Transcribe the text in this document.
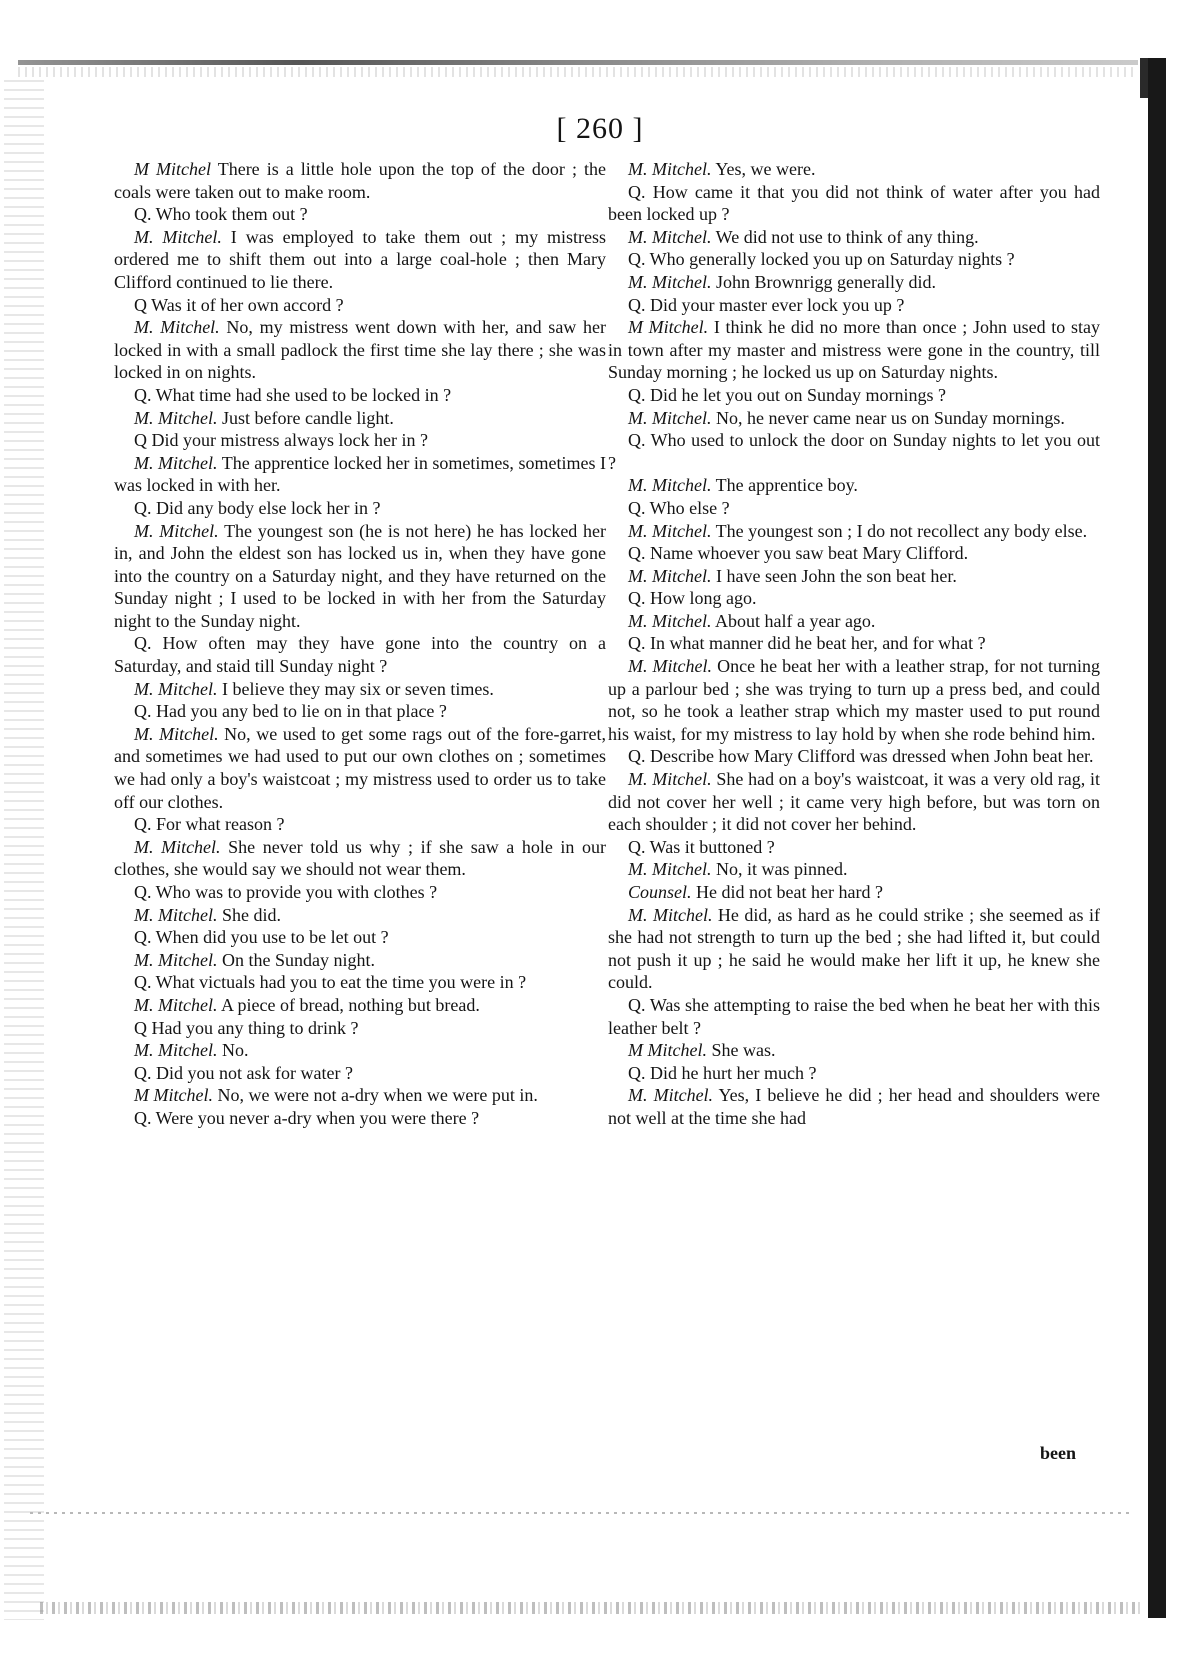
[ 260 ]

M Mitchel There is a little hole upon the top of the door ; the coals were taken out to make room.

Q. Who took them out ?

M. Mitchel. I was employed to take them out ; my mistress ordered me to shift them out into a large coal-hole ; then Mary Clifford continued to lie there.

Q Was it of her own accord ?

M. Mitchel. No, my mistress went down with her, and saw her locked in with a small padlock the first time she lay there ; she was locked in on nights.

Q. What time had she used to be locked in ?

M. Mitchel. Just before candle light.

Q Did your mistress always lock her in ?

M. Mitchel. The apprentice locked her in sometimes, sometimes I was locked in with her.

Q. Did any body else lock her in ?

M. Mitchel. The youngest son (he is not here) he has locked her in, and John the eldest son has locked us in, when they have gone into the country on a Saturday night, and they have returned on the Sunday night ; I used to be locked in with her from the Saturday night to the Sunday night.

Q. How often may they have gone into the country on a Saturday, and staid till Sunday night ?

M. Mitchel. I believe they may six or seven times.

Q. Had you any bed to lie on in that place ?

M. Mitchel. No, we used to get some rags out of the fore-garret, and sometimes we had used to put our own clothes on ; sometimes we had only a boy's waistcoat ; my mistress used to order us to take off our clothes.

Q. For what reason ?

M. Mitchel. She never told us why ; if she saw a hole in our clothes, she would say we should not wear them.

Q. Who was to provide you with clothes ?

M. Mitchel. She did.

Q. When did you use to be let out ?

M. Mitchel. On the Sunday night.

Q. What victuals had you to eat the time you were in ?

M. Mitchel. A piece of bread, nothing but bread.

Q Had you any thing to drink ?

M. Mitchel. No.

Q. Did you not ask for water ?

M Mitchel. No, we were not a-dry when we were put in.

Q. Were you never a-dry when you were there ?

M. Mitchel. Yes, we were.

Q. How came it that you did not think of water after you had been locked up ?

M. Mitchel. We did not use to think of any thing.

Q. Who generally locked you up on Saturday nights ?

M. Mitchel. John Brownrigg generally did.

Q. Did your master ever lock you up ?

M Mitchel. I think he did no more than once ; John used to stay in town after my master and mistress were gone in the country, till Sunday morning ; he locked us up on Saturday nights.

Q. Did he let you out on Sunday mornings ?

M. Mitchel. No, he never came near us on Sunday mornings.

Q. Who used to unlock the door on Sunday nights to let you out ?

M. Mitchel. The apprentice boy.

Q. Who else ?

M. Mitchel. The youngest son ; I do not recollect any body else.

Q. Name whoever you saw beat Mary Clifford.

M. Mitchel. I have seen John the son beat her.

Q. How long ago.

M. Mitchel. About half a year ago.

Q. In what manner did he beat her, and for what ?

M. Mitchel. Once he beat her with a leather strap, for not turning up a parlour bed ; she was trying to turn up a press bed, and could not, so he took a leather strap which my master used to put round his waist, for my mistress to lay hold by when she rode behind him.

Q. Describe how Mary Clifford was dressed when John beat her.

M. Mitchel. She had on a boy's waistcoat, it was a very old rag, it did not cover her well ; it came very high before, but was torn on each shoulder ; it did not cover her behind.

Q. Was it buttoned ?

M. Mitchel. No, it was pinned.

Counsel. He did not beat her hard ?

M. Mitchel. He did, as hard as he could strike ; she seemed as if she had not strength to turn up the bed ; she had lifted it, but could not push it up ; he said he would make her lift it up, he knew she could.

Q. Was she attempting to raise the bed when he beat her with this leather belt ?

M Mitchel. She was.

Q. Did he hurt her much ?

M. Mitchel. Yes, I believe he did ; her head and shoulders were not well at the time she had

been
